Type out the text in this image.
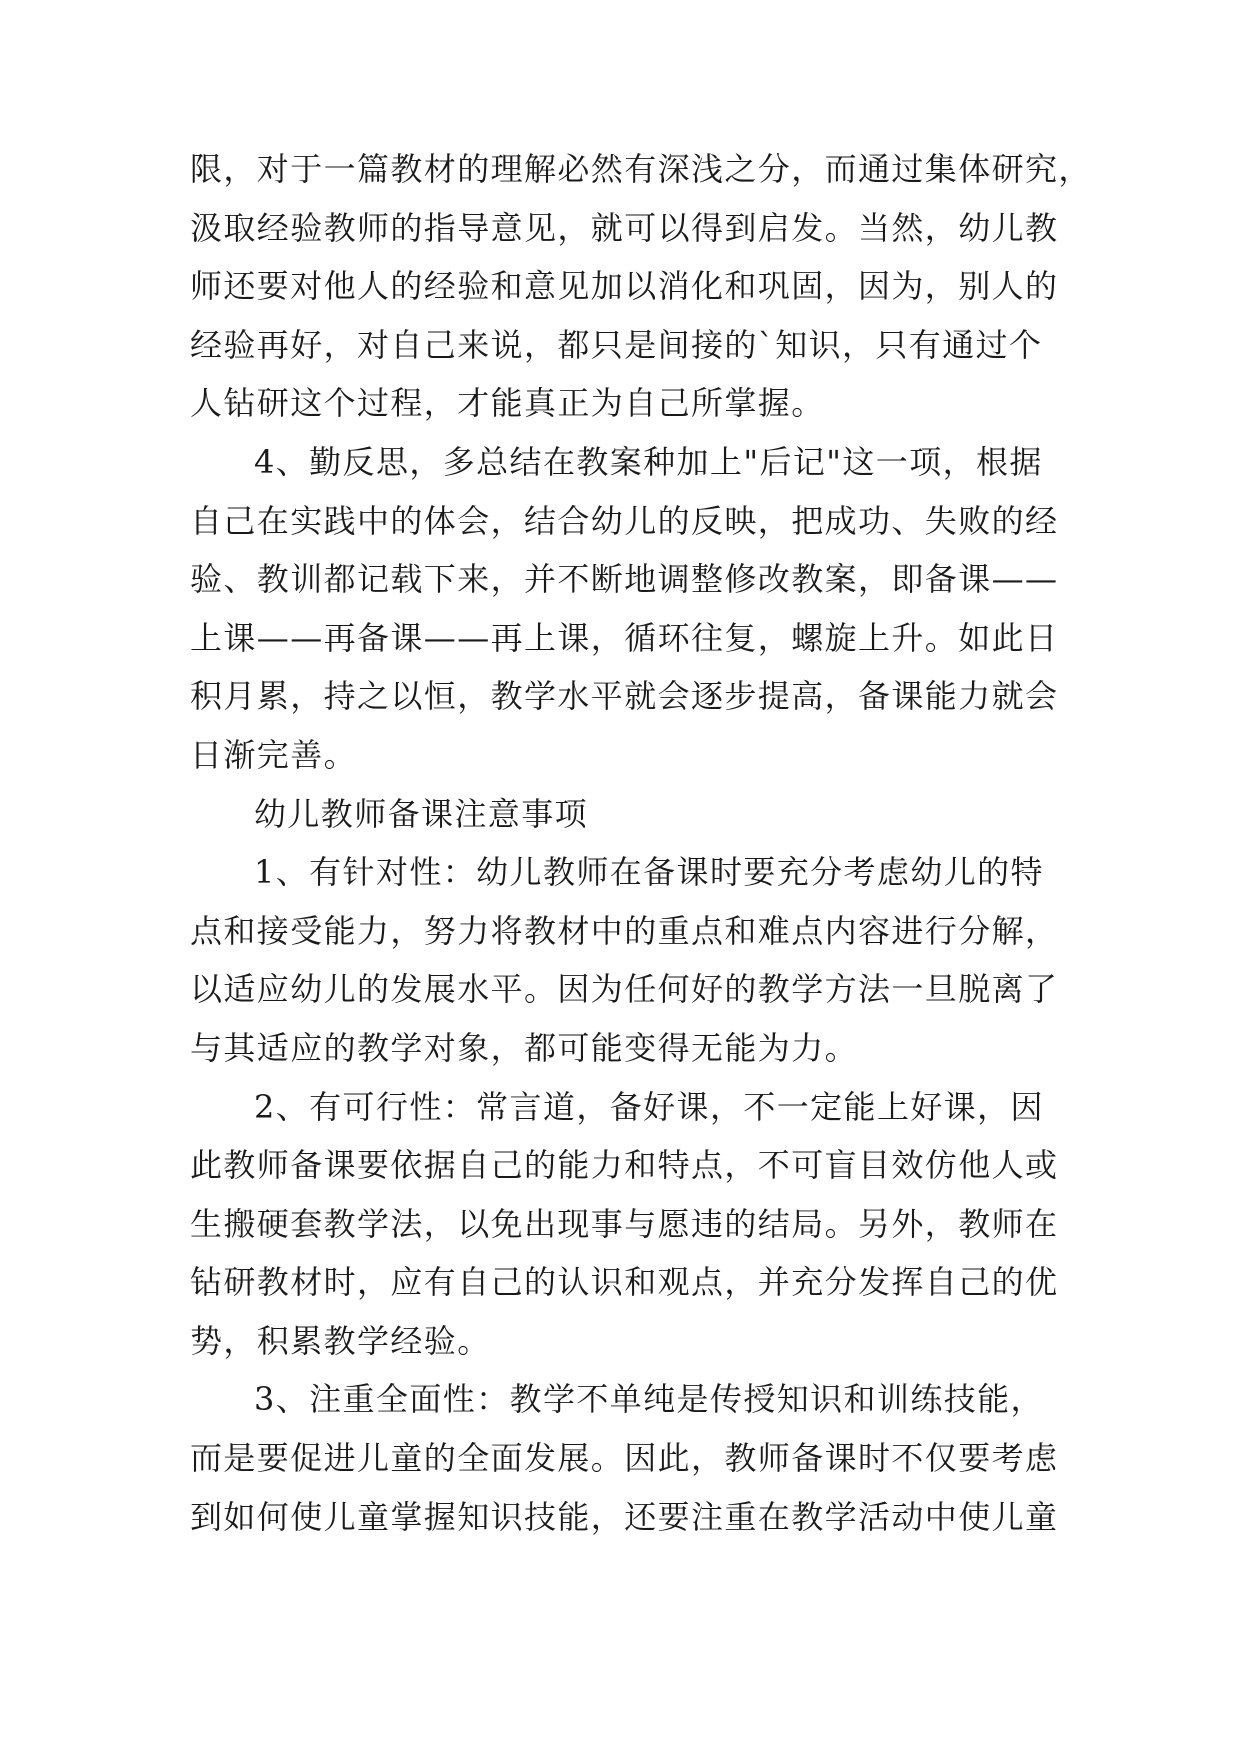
限，对于一篇教材的理解必然有深浅之分，而通过集体研究，
汲取经验教师的指导意见，就可以得到启发。当然，幼儿教
师还要对他人的经验和意见加以消化和巩固，因为，别人的
经验再好，对自己来说，都只是间接的`知识，只有通过个
人钻研这个过程，才能真正为自己所掌握。
4、勤反思，多总结在教案种加上"后记"这一项，根据
自己在实践中的体会，结合幼儿的反映，把成功、失败的经
验、教训都记载下来，并不断地调整修改教案，即备课——
上课——再备课——再上课，循环往复，螺旋上升。如此日
积月累，持之以恒，教学水平就会逐步提高，备课能力就会
日渐完善。
幼儿教师备课注意事项
1、有针对性：幼儿教师在备课时要充分考虑幼儿的特
点和接受能力，努力将教材中的重点和难点内容进行分解，
以适应幼儿的发展水平。因为任何好的教学方法一旦脱离了
与其适应的教学对象，都可能变得无能为力。
2、有可行性：常言道，备好课，不一定能上好课，因
此教师备课要依据自己的能力和特点，不可盲目效仿他人或
生搬硬套教学法，以免出现事与愿违的结局。另外，教师在
钻研教材时，应有自己的认识和观点，并充分发挥自己的优
势，积累教学经验。
3、注重全面性：教学不单纯是传授知识和训练技能，
而是要促进儿童的全面发展。因此，教师备课时不仅要考虑
到如何使儿童掌握知识技能，还要注重在教学活动中使儿童
